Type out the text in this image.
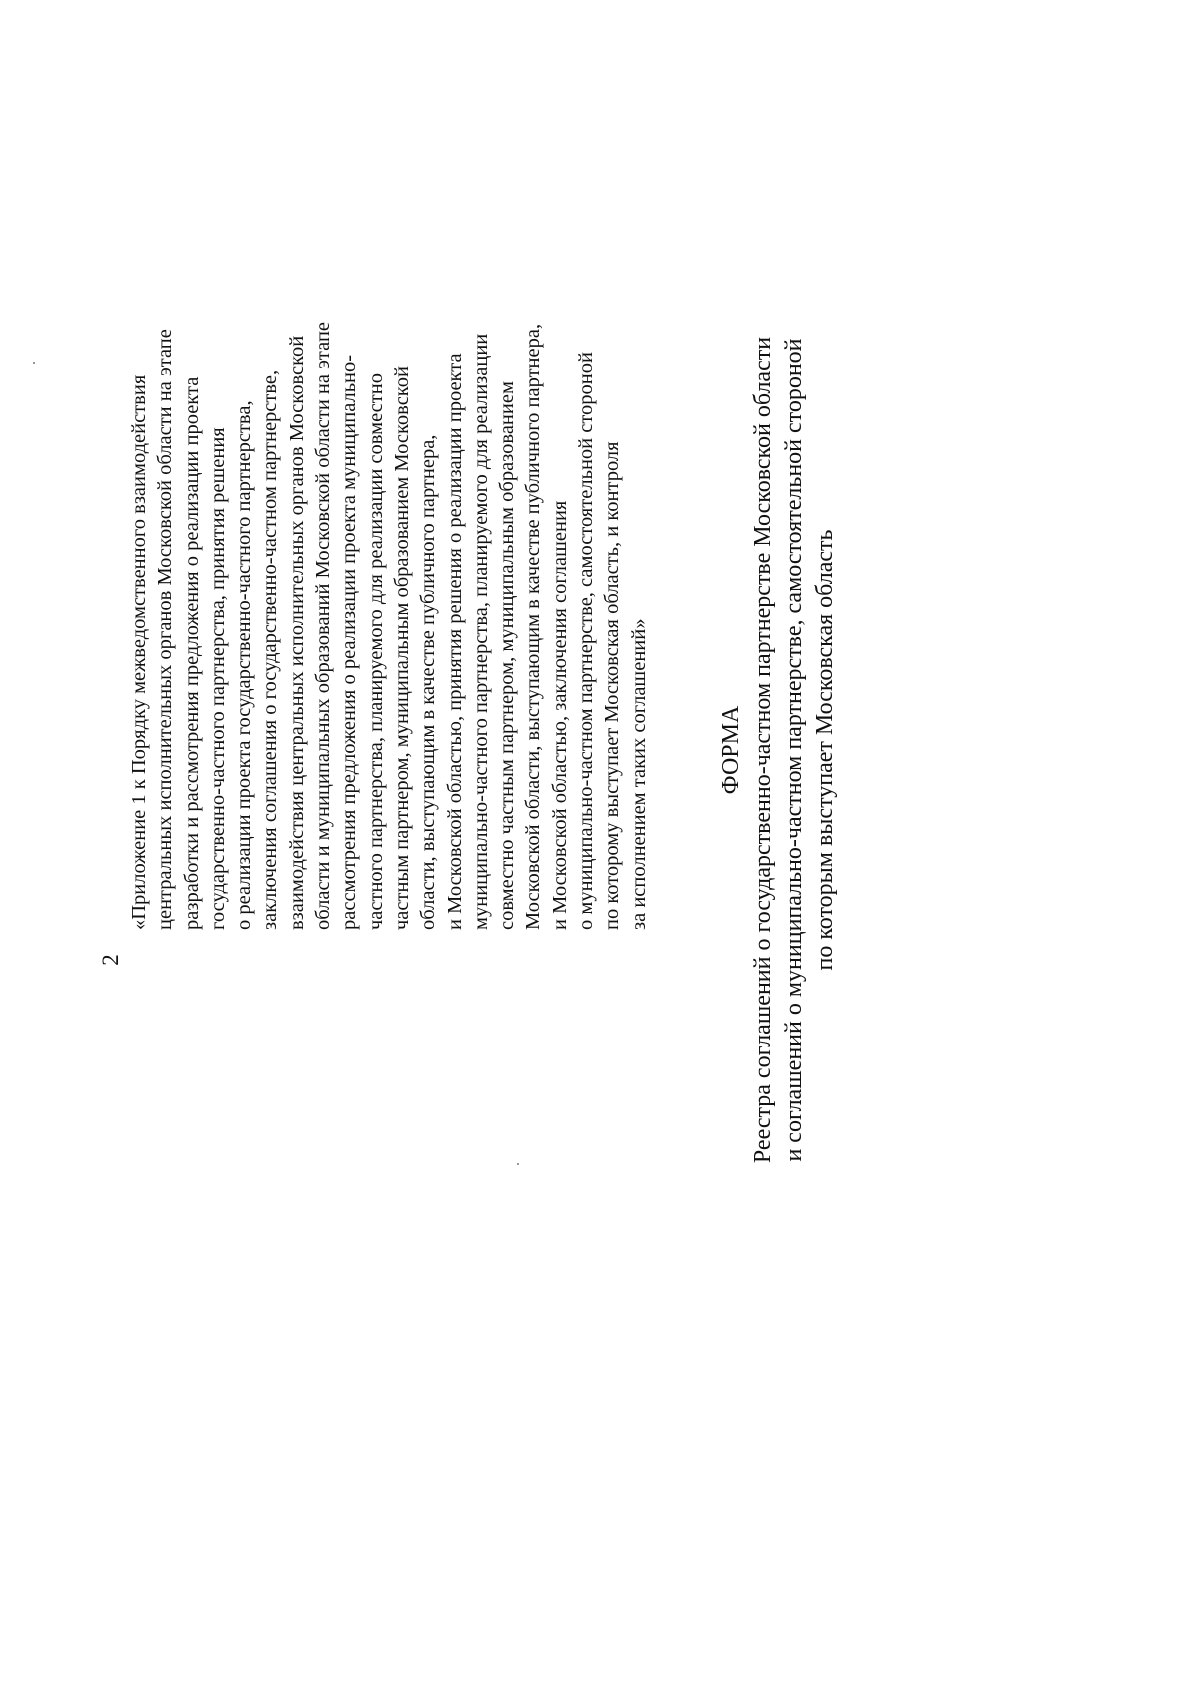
2
«Приложение 1 к Порядку межведомственного взаимодействия центральных исполнительных органов Московской области на этапе разработки и рассмотрения предложения о реализации проекта государственно-частного партнерства, принятия решения о реализации проекта государственно-частного партнерства, заключения соглашения о государственно-частном партнерстве, взаимодействия центральных исполнительных органов Московской области и муниципальных образований Московской области на этапе рассмотрения предложения о реализации проекта муниципально- частного партнерства, планируемого для реализации совместно частным партнером, муниципальным образованием Московской области, выступающим в качестве публичного партнера, и Московской областью, принятия решения о реализации проекта муниципально-частного партнерства, планируемого для реализации совместно частным партнером, муниципальным образованием Московской области, выступающим в качестве публичного партнера, и Московской областью, заключения соглашения о муниципально-частном партнерстве, самостоятельной стороной по которому выступает Московская область, и контроля за исполнением таких соглашений»	ФОРМА Реестра соглашений о государственно-частном партнерстве Московской области и соглашений о муниципально-частном партнерстве, самостоятельной стороной по которым выступает Московская область
